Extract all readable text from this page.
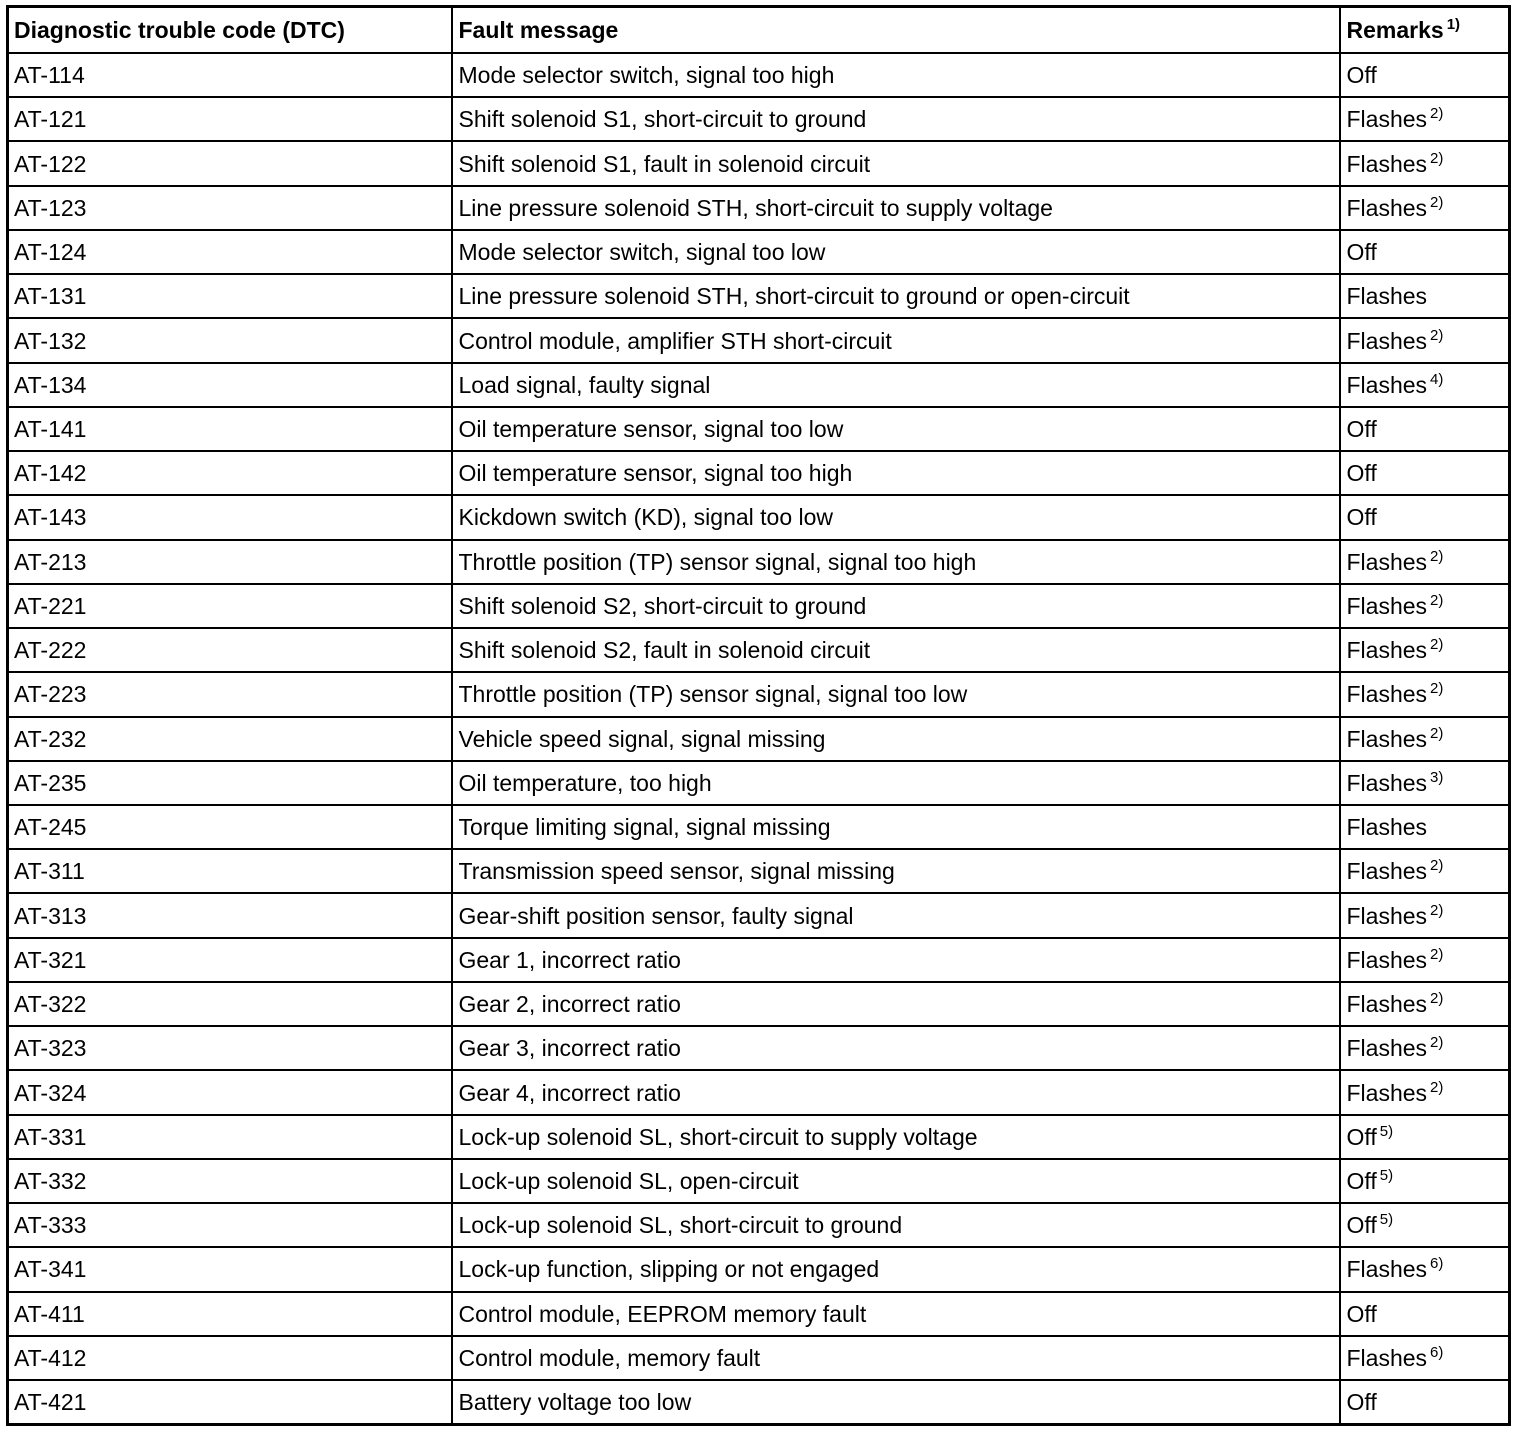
Diagnostic trouble code (DTC)	Fault message	Remarks $^{1)}$
AT-114	Mode selector switch, signal too high	Off
AT-121	Shift solenoid S1, short-circuit to ground	Flashes $^{2)}$
AT-122	Shift solenoid S1, fault in solenoid circuit	Flashes $^{2)}$
AT-123	Line pressure solenoid STH, short-circuit to supply voltage	Flashes $^{2)}$
AT-124	Mode selector switch, signal too low	Off
AT-131	Line pressure solenoid STH, short-circuit to ground or open-circuit	Flashes
AT-132	Control module, amplifier STH short-circuit	Flashes $^{2)}$
AT-134	Load signal, faulty signal	Flashes $^{4)}$
AT-141	Oil temperature sensor, signal too low	Off
AT-142	Oil temperature sensor, signal too high	Off
AT-143	Kickdown switch (KD), signal too low	Off
AT-213	Throttle position (TP) sensor signal, signal too high	Flashes $^{2)}$
AT-221	Shift solenoid S2, short-circuit to ground	Flashes $^{2)}$
AT-222	Shift solenoid S2, fault in solenoid circuit	Flashes $^{2)}$
AT-223	Throttle position (TP) sensor signal, signal too low	Flashes $^{2)}$
AT-232	Vehicle speed signal, signal missing	Flashes $^{2)}$
AT-235	Oil temperature, too high	Flashes $^{3)}$
AT-245	Torque limiting signal, signal missing	Flashes
AT-311	Transmission speed sensor, signal missing	Flashes $^{2)}$
AT-313	Gear-shift position sensor, faulty signal	Flashes $^{2)}$
AT-321	Gear 1, incorrect ratio	Flashes $^{2)}$
AT-322	Gear 2, incorrect ratio	Flashes $^{2)}$
AT-323	Gear 3, incorrect ratio	Flashes $^{2)}$
AT-324	Gear 4, incorrect ratio	Flashes $^{2)}$
AT-331	Lock-up solenoid SL, short-circuit to supply voltage	Off $^{5)}$
AT-332	Lock-up solenoid SL, open-circuit	Off $^{5)}$
AT-333	Lock-up solenoid SL, short-circuit to ground	Off $^{5)}$
AT-341	Lock-up function, slipping or not engaged	Flashes $^{6)}$
AT-411	Control module, EEPROM memory fault	Off
AT-412	Control module, memory fault	Flashes $^{6)}$
AT-421	Battery voltage too low	Off
